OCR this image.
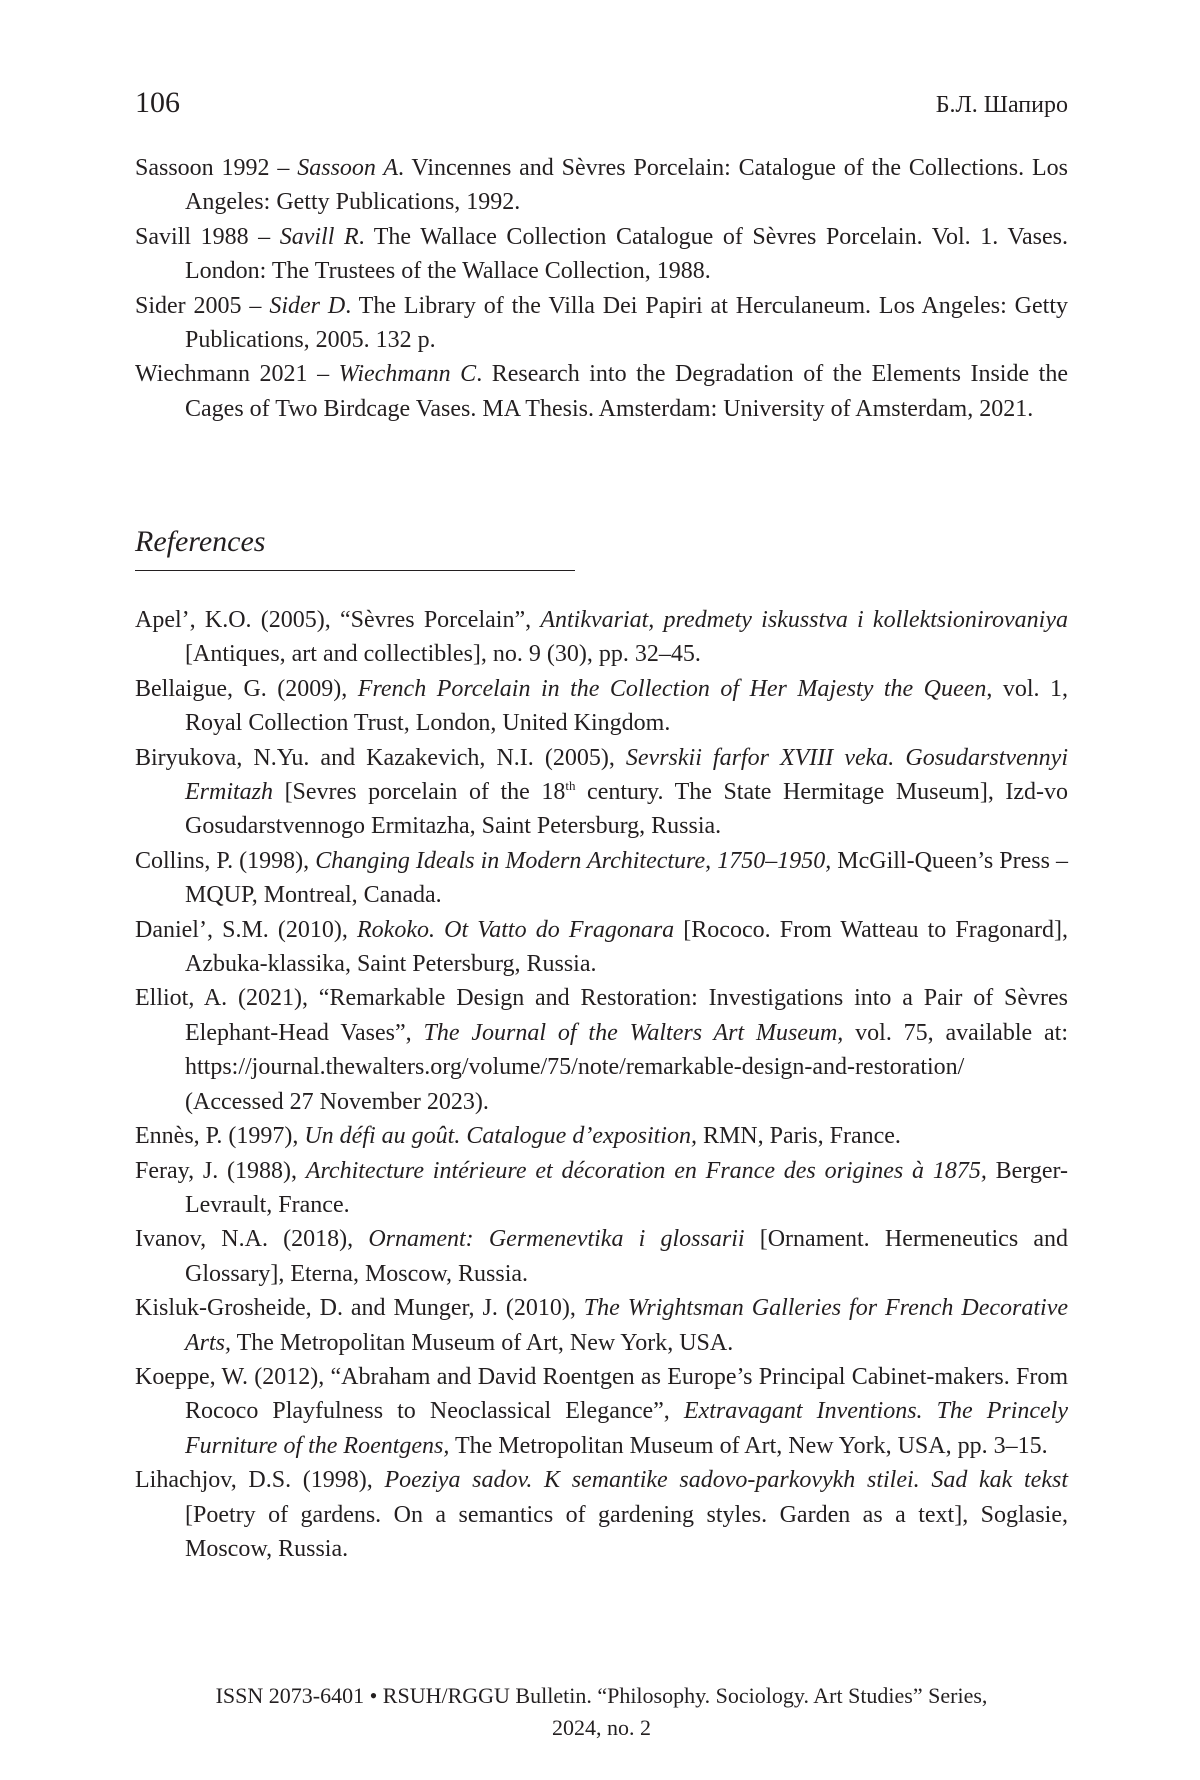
106	Б.Л. Шапиро
Sassoon 1992 – Sassoon A. Vincennes and Sèvres Porcelain: Catalogue of the Collections. Los Angeles: Getty Publications, 1992.
Savill 1988 – Savill R. The Wallace Collection Catalogue of Sèvres Porcelain. Vol. 1. Vases. London: The Trustees of the Wallace Collection, 1988.
Sider 2005 – Sider D. The Library of the Villa Dei Papiri at Herculaneum. Los Angeles: Getty Publications, 2005. 132 p.
Wiechmann 2021 – Wiechmann C. Research into the Degradation of the Elements Inside the Cages of Two Birdcage Vases. MA Thesis. Amsterdam: University of Amsterdam, 2021.
References
Apel’, K.O. (2005), “Sèvres Porcelain”, Antikvariat, predmety iskusstva i kollektsionirovaniya [Antiques, art and collectibles], no. 9 (30), pp. 32–45.
Bellaigue, G. (2009), French Porcelain in the Collection of Her Majesty the Queen, vol. 1, Royal Collection Trust, London, United Kingdom.
Biryukova, N.Yu. and Kazakevich, N.I. (2005), Sevrskii farfor XVIII veka. Gosudarstvennyi Ermitazh [Sevres porcelain of the 18th century. The State Hermitage Museum], Izd-vo Gosudarstvennogo Ermitazha, Saint Petersburg, Russia.
Collins, P. (1998), Changing Ideals in Modern Architecture, 1750–1950, McGill-Queen’s Press – MQUP, Montreal, Canada.
Daniel’, S.M. (2010), Rokoko. Ot Vatto do Fragonara [Rococo. From Watteau to Fragonard], Azbuka-klassika, Saint Petersburg, Russia.
Elliot, A. (2021), “Remarkable Design and Restoration: Investigations into a Pair of Sèvres Elephant-Head Vases”, The Journal of the Walters Art Museum, vol. 75, available at: https://journal.thewalters.org/volume/75/note/remarkable-design-and-​restoration/ (Accessed 27 November 2023).
Ennès, P. (1997), Un défi au goût. Catalogue d’exposition, RMN, Paris, France.
Feray, J. (1988), Architecture intérieure et décoration en France des origines à 1875, Berger-Levrault, France.
Ivanov, N.A. (2018), Ornament: Germenevtika i glossarii [Ornament. Hermeneutics and Glossary], Eterna, Moscow, Russia.
Kisluk-Grosheide, D. and Munger, J. (2010), The Wrightsman Galleries for French Decorative Arts, The Metropolitan Museum of Art, New York, USA.
Koeppe, W. (2012), “Abraham and David Roentgen as Europe’s Principal Cabinet-​makers. From Rococo Playfulness to Neoclassical Elegance”, Extravagant Inventions. The Princely Furniture of the Roentgens, The Metropolitan Museum of Art, New York, USA, pp. 3–15.
Lihachjov, D.S. (1998), Poeziya sadov. K semantike sadovo-parkovykh stilei. Sad kak tekst [Poetry of gardens. On a semantics of gardening styles. Garden as a text], Soglasie, Moscow, Russia.
ISSN 2073-6401 • RSUH/RGGU Bulletin. “Philosophy. Sociology. Art Studies” Series,
2024, no. 2
